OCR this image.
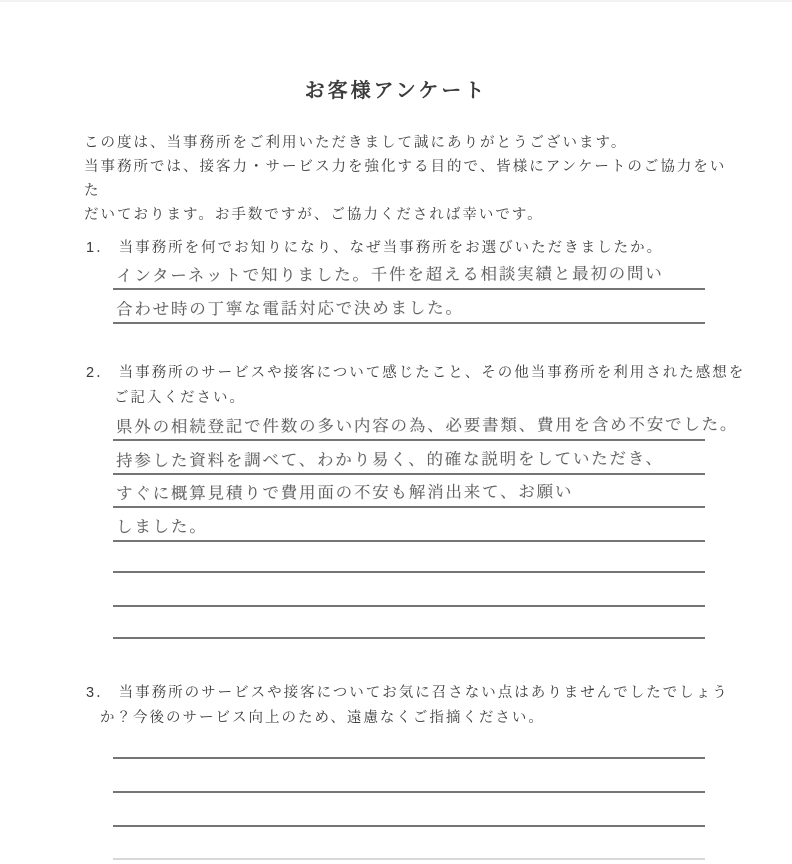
お客様アンケート
この度は、当事務所をご利用いただきまして誠にありがとうございます。
当事務所では、接客力・サービス力を強化する目的で、皆様にアンケートのご協力をいた
だいております。お手数ですが、ご協力くだされば幸いです。
1． 当事務所を何でお知りになり、なぜ当事務所をお選びいただきましたか。
インターネットで知りました。千件を超える相談実績と最初の問い
合わせ時の丁寧な電話対応で決めました。
2． 当事務所のサービスや接客について感じたこと、その他当事務所を利用された感想を
ご記入ください。
県外の相続登記で件数の多い内容の為、必要書類、費用を含め不安でした。
持参した資料を調べて、わかり易く、的確な説明をしていただき、
すぐに概算見積りで費用面の不安も解消出来て、お願い
しました。
3． 当事務所のサービスや接客についてお気に召さない点はありませんでしたでしょう
か？今後のサービス向上のため、遠慮なくご指摘ください。
